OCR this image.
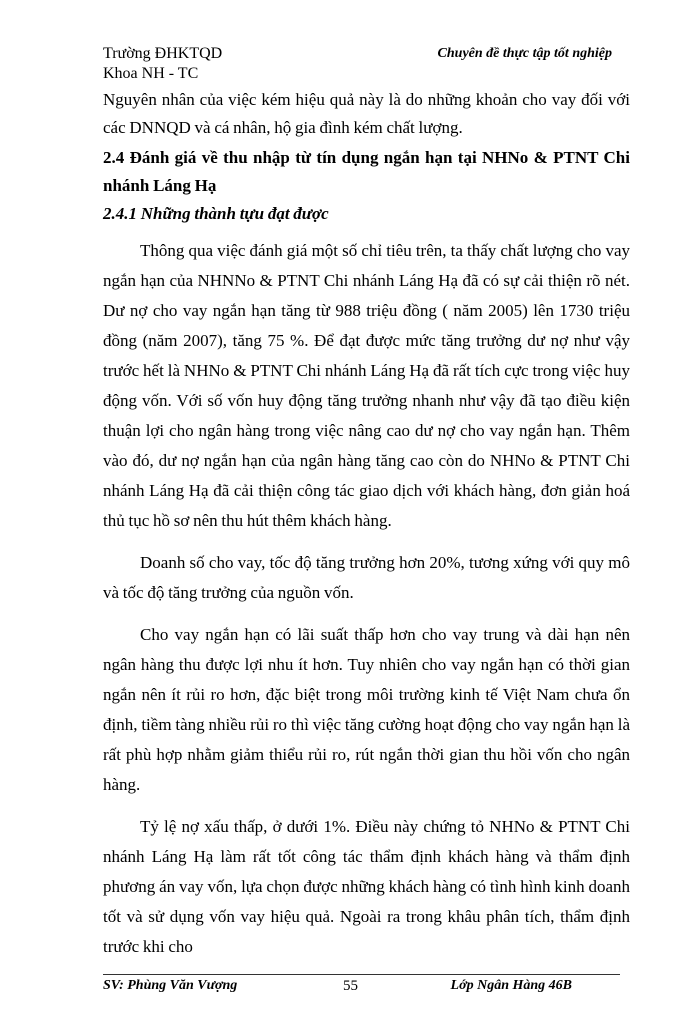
Trường ĐHKTQD
Khoa NH - TC
Chuyên đề thực tập tốt nghiệp

Nguyên nhân của việc kém hiệu quả này là do những khoản cho vay đối với các DNNQD và cá nhân, hộ gia đình kém chất lượng.

2.4 Đánh giá về thu nhập từ tín dụng ngắn hạn tại NHNo & PTNT Chi nhánh Láng Hạ

2.4.1 Những thành tựu đạt được

Thông qua việc đánh giá một số chỉ tiêu trên, ta thấy chất lượng cho vay ngắn hạn của NHNNo & PTNT Chi nhánh Láng Hạ đã có sự cải thiện rõ nét. Dư nợ cho vay ngắn hạn tăng từ 988 triệu đồng ( năm 2005) lên 1730 triệu đồng (năm 2007), tăng 75 %. Để đạt được mức tăng trưởng dư nợ như vậy trước hết là NHNo & PTNT Chi nhánh Láng Hạ đã rất tích cực trong việc huy động vốn. Với số vốn huy động tăng trưởng nhanh như vậy đã tạo điều kiện thuận lợi cho ngân hàng trong việc nâng cao dư nợ cho vay ngắn hạn. Thêm vào đó, dư nợ ngắn hạn của ngân hàng tăng cao còn do NHNo & PTNT Chi nhánh Láng Hạ đã cải thiện công tác giao dịch với khách hàng, đơn giản hoá thủ tục hồ sơ nên thu hút thêm khách hàng.

Doanh số cho vay, tốc độ tăng trưởng hơn 20%, tương xứng với quy mô và tốc độ tăng trưởng của nguồn vốn.

Cho vay ngắn hạn có lãi suất thấp hơn cho vay trung và dài hạn nên ngân hàng thu được lợi nhu ít hơn. Tuy nhiên cho vay ngắn hạn có thời gian ngắn nên ít rủi ro hơn, đặc biệt trong môi trường kinh tế Việt Nam chưa ổn định, tiềm tàng nhiều rủi ro thì việc tăng cường hoạt động cho vay ngắn hạn là rất phù hợp nhằm giảm thiểu rủi ro, rút ngắn thời gian thu hồi vốn cho ngân hàng.

Tỷ lệ nợ xấu thấp, ở dưới 1%. Điều này chứng tỏ NHNo & PTNT Chi nhánh Láng Hạ làm rất tốt công tác thẩm định khách hàng và thẩm định phương án vay vốn, lựa chọn được những khách hàng có tình hình kinh doanh tốt và sử dụng vốn vay hiệu quả. Ngoài ra trong khâu phân tích, thẩm định trước khi cho

SV: Phùng Văn Vượng	55	Lớp Ngân Hàng 46B
